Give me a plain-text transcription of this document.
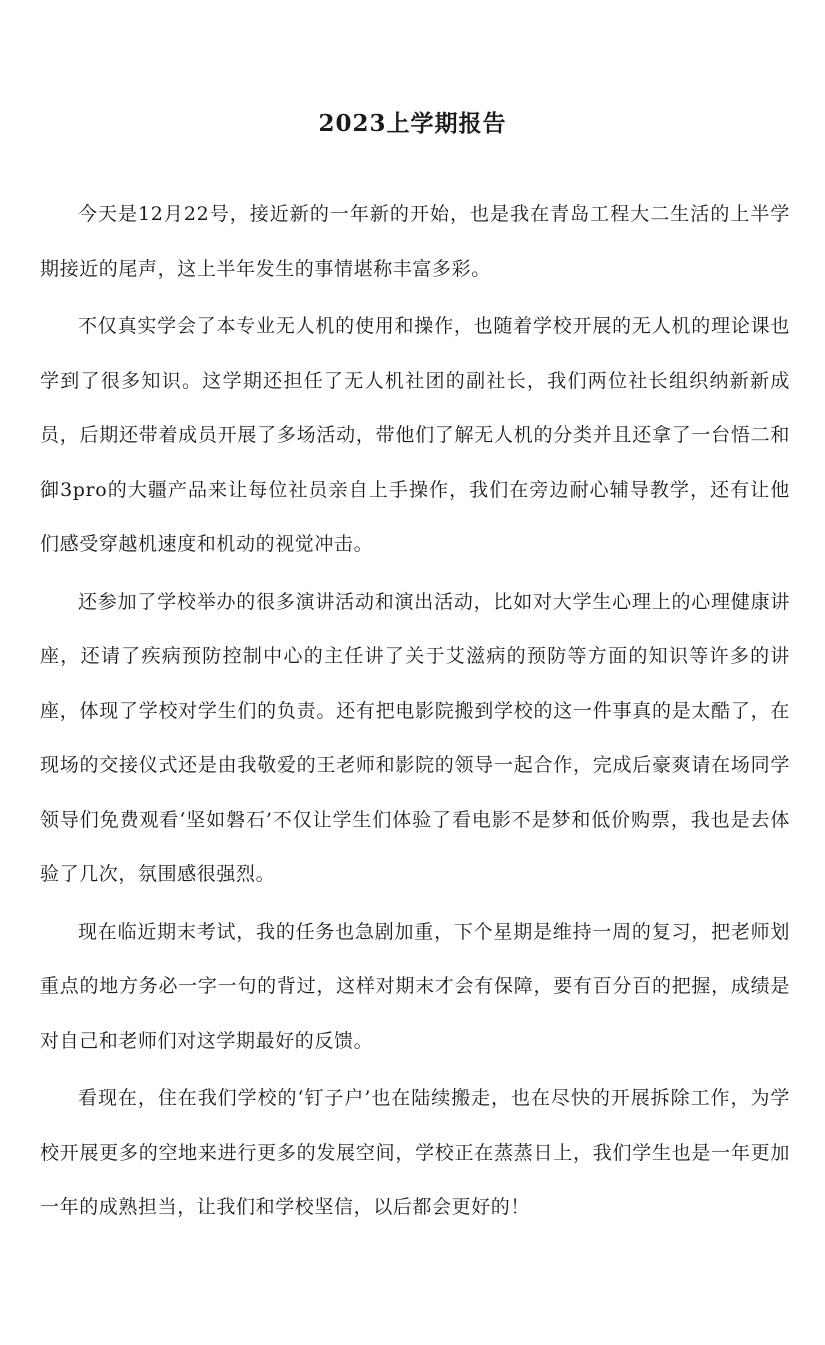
2023上学期报告

今天是12月22号，接近新的一年新的开始，也是我在青岛工程大二生活的上半学期接近的尾声，这上半年发生的事情堪称丰富多彩。

不仅真实学会了本专业无人机的使用和操作，也随着学校开展的无人机的理论课也学到了很多知识。这学期还担任了无人机社团的副社长，我们两位社长组织纳新新成员，后期还带着成员开展了多场活动，带他们了解无人机的分类并且还拿了一台悟二和御3pro的大疆产品来让每位社员亲自上手操作，我们在旁边耐心辅导教学，还有让他们感受穿越机速度和机动的视觉冲击。

还参加了学校举办的很多演讲活动和演出活动，比如对大学生心理上的心理健康讲座，还请了疾病预防控制中心的主任讲了关于艾滋病的预防等方面的知识等许多的讲座，体现了学校对学生们的负责。还有把电影院搬到学校的这一件事真的是太酷了，在现场的交接仪式还是由我敬爱的王老师和影院的领导一起合作，完成后豪爽请在场同学领导们免费观看‘坚如磐石’不仅让学生们体验了看电影不是梦和低价购票，我也是去体验了几次，氛围感很强烈。

现在临近期末考试，我的任务也急剧加重，下个星期是维持一周的复习，把老师划重点的地方务必一字一句的背过，这样对期末才会有保障，要有百分百的把握，成绩是对自己和老师们对这学期最好的反馈。

看现在，住在我们学校的‘钉子户’也在陆续搬走，也在尽快的开展拆除工作，为学校开展更多的空地来进行更多的发展空间，学校正在蒸蒸日上，我们学生也是一年更加一年的成熟担当，让我们和学校坚信，以后都会更好的！
